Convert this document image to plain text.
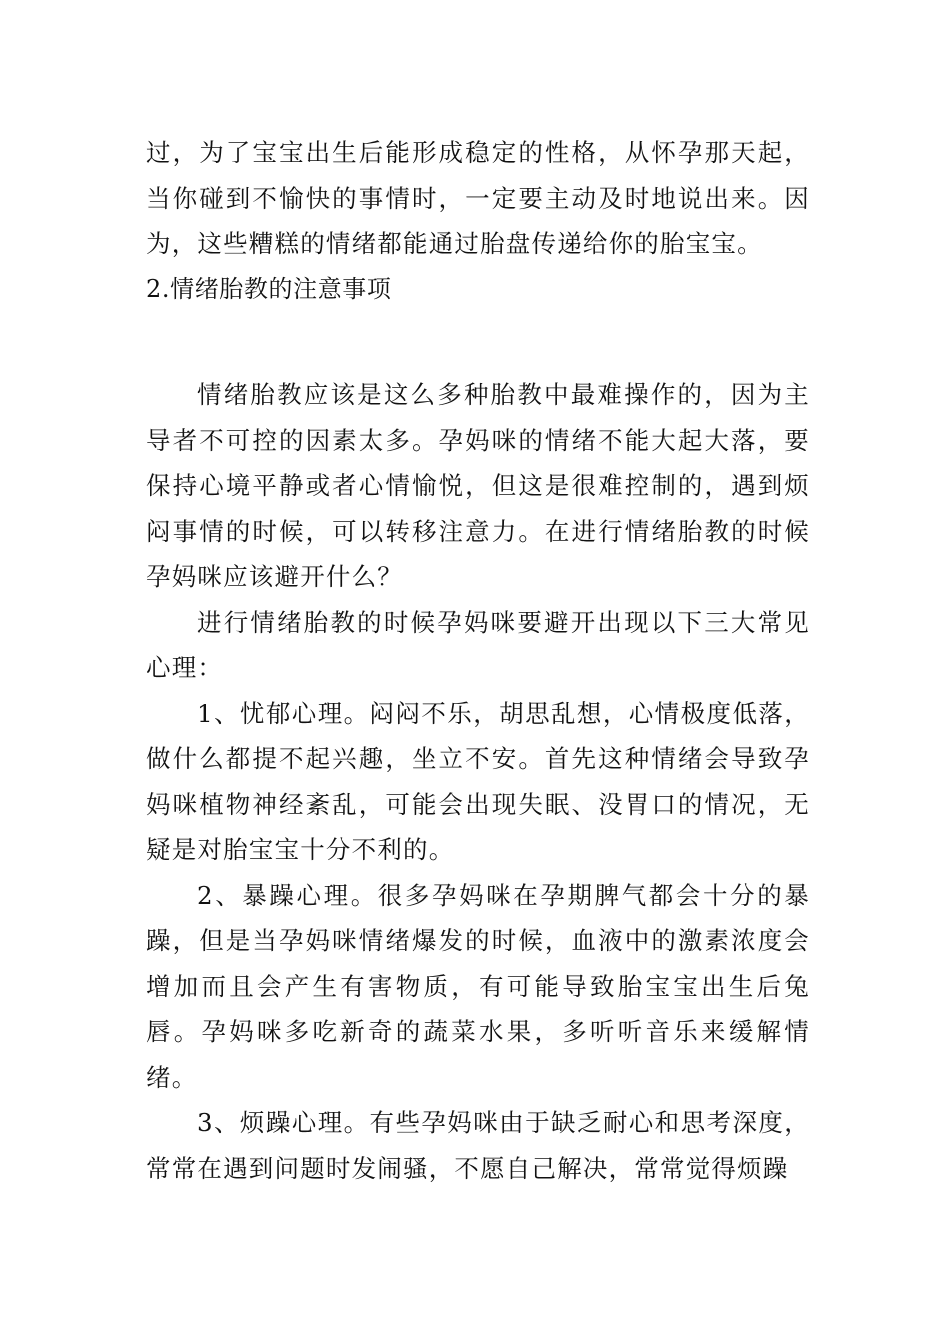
过，为了宝宝出生后能形成稳定的性格，从怀孕那天起，当你碰到不愉快的事情时，一定要主动及时地说出来。因为，这些糟糕的情绪都能通过胎盘传递给你的胎宝宝。

2.情绪胎教的注意事项

情绪胎教应该是这么多种胎教中最难操作的，因为主导者不可控的因素太多。孕妈咪的情绪不能大起大落，要保持心境平静或者心情愉悦，但这是很难控制的，遇到烦闷事情的时候，可以转移注意力。在进行情绪胎教的时候孕妈咪应该避开什么？

进行情绪胎教的时候孕妈咪要避开出现以下三大常见心理：

1、忧郁心理。闷闷不乐，胡思乱想，心情极度低落，做什么都提不起兴趣，坐立不安。首先这种情绪会导致孕妈咪植物神经紊乱，可能会出现失眠、没胃口的情况，无疑是对胎宝宝十分不利的。

2、暴躁心理。很多孕妈咪在孕期脾气都会十分的暴躁，但是当孕妈咪情绪爆发的时候，血液中的激素浓度会增加而且会产生有害物质，有可能导致胎宝宝出生后兔唇。孕妈咪多吃新奇的蔬菜水果，多听听音乐来缓解情绪。

3、烦躁心理。有些孕妈咪由于缺乏耐心和思考深度，常常在遇到问题时发闹骚，不愿自己解决，常常觉得烦躁
